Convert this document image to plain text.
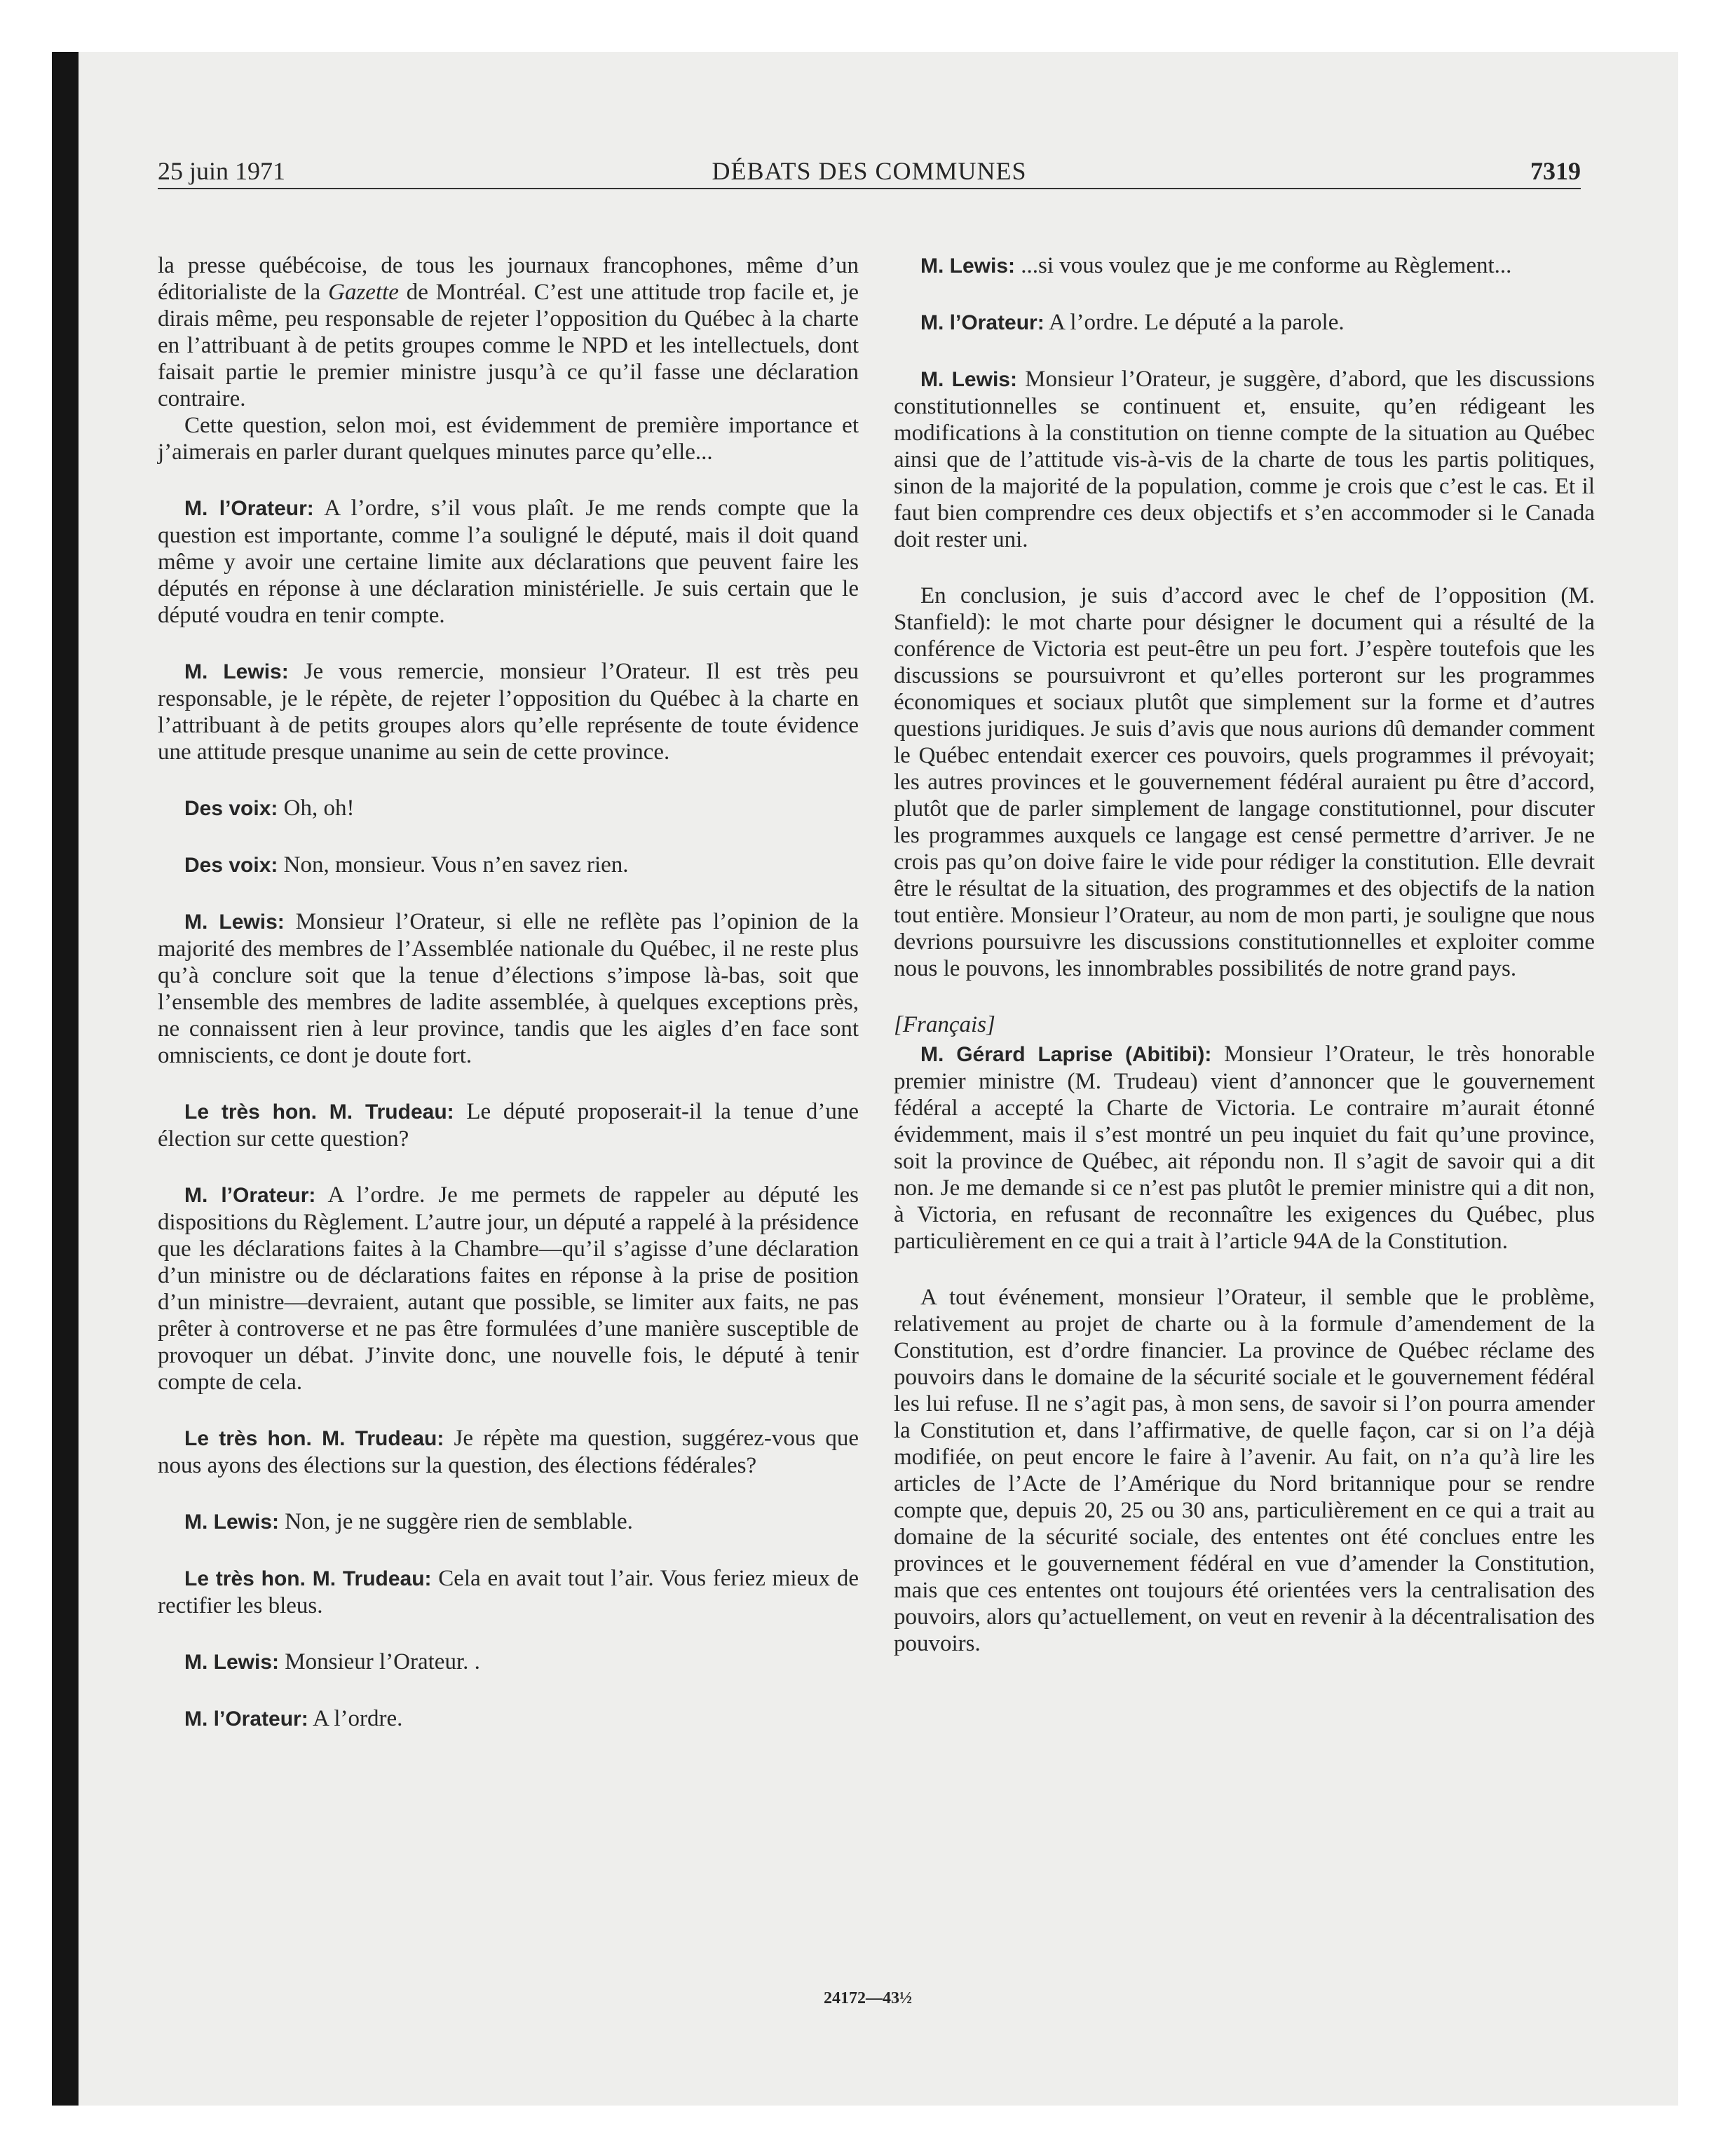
25 juin 1971	DÉBATS DES COMMUNES	7319

la presse québécoise, de tous les journaux francophones, même d’un éditorialiste de la Gazette de Montréal. C’est une attitude trop facile et, je dirais même, peu responsable de rejeter l’opposition du Québec à la charte en l’attribuant à de petits groupes comme le NPD et les intellectuels, dont faisait partie le premier ministre jusqu’à ce qu’il fasse une déclaration contraire.

Cette question, selon moi, est évidemment de première importance et j’aimerais en parler durant quelques minutes parce qu’elle...

M. l’Orateur: A l’ordre, s’il vous plaît. Je me rends compte que la question est importante, comme l’a souligné le député, mais il doit quand même y avoir une certaine limite aux déclarations que peuvent faire les députés en réponse à une déclaration ministérielle. Je suis certain que le député voudra en tenir compte.

M. Lewis: Je vous remercie, monsieur l’Orateur. Il est très peu responsable, je le répète, de rejeter l’opposition du Québec à la charte en l’attribuant à de petits groupes alors qu’elle représente de toute évidence une attitude presque unanime au sein de cette province.

Des voix: Oh, oh!

Des voix: Non, monsieur. Vous n’en savez rien.

M. Lewis: Monsieur l’Orateur, si elle ne reflète pas l’opinion de la majorité des membres de l’Assemblée nationale du Québec, il ne reste plus qu’à conclure soit que la tenue d’élections s’impose là-bas, soit que l’ensemble des membres de ladite assemblée, à quelques exceptions près, ne connaissent rien à leur province, tandis que les aigles d’en face sont omniscients, ce dont je doute fort.

Le très hon. M. Trudeau: Le député proposerait-il la tenue d’une élection sur cette question?

M. l’Orateur: A l’ordre. Je me permets de rappeler au député les dispositions du Règlement. L’autre jour, un député a rappelé à la présidence que les déclarations faites à la Chambre—qu’il s’agisse d’une déclaration d’un ministre ou de déclarations faites en réponse à la prise de position d’un ministre—devraient, autant que possible, se limiter aux faits, ne pas prêter à controverse et ne pas être formulées d’une manière susceptible de provoquer un débat. J’invite donc, une nouvelle fois, le député à tenir compte de cela.

Le très hon. M. Trudeau: Je répète ma question, suggérez-vous que nous ayons des élections sur la question, des élections fédérales?

M. Lewis: Non, je ne suggère rien de semblable.

Le très hon. M. Trudeau: Cela en avait tout l’air. Vous feriez mieux de rectifier les bleus.

M. Lewis: Monsieur l’Orateur. .

M. l’Orateur: A l’ordre.

M. Lewis: ...si vous voulez que je me conforme au Règlement...

M. l’Orateur: A l’ordre. Le député a la parole.

M. Lewis: Monsieur l’Orateur, je suggère, d’abord, que les discussions constitutionnelles se continuent et, ensuite, qu’en rédigeant les modifications à la constitution on tienne compte de la situation au Québec ainsi que de l’attitude vis-à-vis de la charte de tous les partis politiques, sinon de la majorité de la population, comme je crois que c’est le cas. Et il faut bien comprendre ces deux objectifs et s’en accommoder si le Canada doit rester uni.

En conclusion, je suis d’accord avec le chef de l’opposition (M. Stanfield): le mot charte pour désigner le document qui a résulté de la conférence de Victoria est peut-être un peu fort. J’espère toutefois que les discussions se poursuivront et qu’elles porteront sur les programmes économiques et sociaux plutôt que simplement sur la forme et d’autres questions juridiques. Je suis d’avis que nous aurions dû demander comment le Québec entendait exercer ces pouvoirs, quels programmes il prévoyait; les autres provinces et le gouvernement fédéral auraient pu être d’accord, plutôt que de parler simplement de langage constitutionnel, pour discuter les programmes auxquels ce langage est censé permettre d’arriver. Je ne crois pas qu’on doive faire le vide pour rédiger la constitution. Elle devrait être le résultat de la situation, des programmes et des objectifs de la nation tout entière. Monsieur l’Orateur, au nom de mon parti, je souligne que nous devrions poursuivre les discussions constitutionnelles et exploiter comme nous le pouvons, les innombrables possibilités de notre grand pays.

[Français]

M. Gérard Laprise (Abitibi): Monsieur l’Orateur, le très honorable premier ministre (M. Trudeau) vient d’annoncer que le gouvernement fédéral a accepté la Charte de Victoria. Le contraire m’aurait étonné évidemment, mais il s’est montré un peu inquiet du fait qu’une province, soit la province de Québec, ait répondu non. Il s’agit de savoir qui a dit non. Je me demande si ce n’est pas plutôt le premier ministre qui a dit non, à Victoria, en refusant de reconnaître les exigences du Québec, plus particulièrement en ce qui a trait à l’article 94A de la Constitution.

A tout événement, monsieur l’Orateur, il semble que le problème, relativement au projet de charte ou à la formule d’amendement de la Constitution, est d’ordre financier. La province de Québec réclame des pouvoirs dans le domaine de la sécurité sociale et le gouvernement fédéral les lui refuse. Il ne s’agit pas, à mon sens, de savoir si l’on pourra amender la Constitution et, dans l’affirmative, de quelle façon, car si on l’a déjà modifiée, on peut encore le faire à l’avenir. Au fait, on n’a qu’à lire les articles de l’Acte de l’Amérique du Nord britannique pour se rendre compte que, depuis 20, 25 ou 30 ans, particulièrement en ce qui a trait au domaine de la sécurité sociale, des ententes ont été conclues entre les provinces et le gouvernement fédéral en vue d’amender la Constitution, mais que ces ententes ont toujours été orientées vers la centralisation des pouvoirs, alors qu’actuellement, on veut en revenir à la décentralisation des pouvoirs.

24172—43½
